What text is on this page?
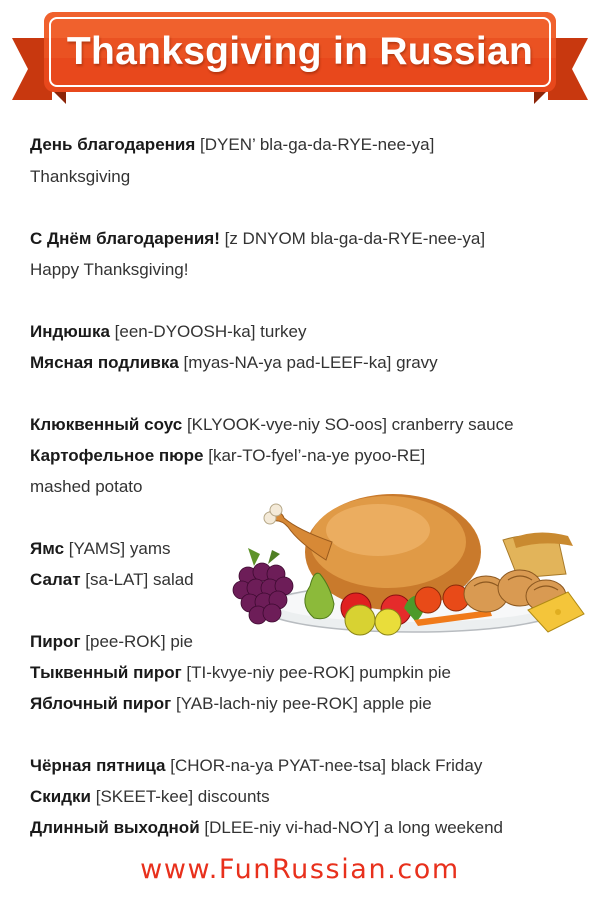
Thanksgiving in Russian
День благодарения [DYEN’ bla-ga-da-RYE-nee-ya]
Thanksgiving
С Днём благодарения! [z DNYOM bla-ga-da-RYE-nee-ya]
Happy Thanksgiving!
Индюшка [een-DYOOSH-ka] turkey
Мясная подливка [myas-NA-ya pad-LEEF-ka] gravy
Клюквенный соус [KLYOOK-vye-niy SO-oos] cranberry sauce
Картофельное пюре [kar-TO-fyel’-na-ye pyoo-RE]
mashed potato
Ямс [YAMS] yams
Салат [sa-LAT] salad
Пирог [pee-ROK] pie
Тыквенный пирог [TI-kvye-niy pee-ROK] pumpkin pie
Яблочный пирог [YAB-lach-niy pee-ROK] apple pie
Чёрная пятница [CHOR-na-ya PYAT-nee-tsa] black Friday
Скидки [SKEET-kee] discounts
Длинный выходной [DLEE-niy vi-had-NOY] a long weekend
www.FunRussian.com
